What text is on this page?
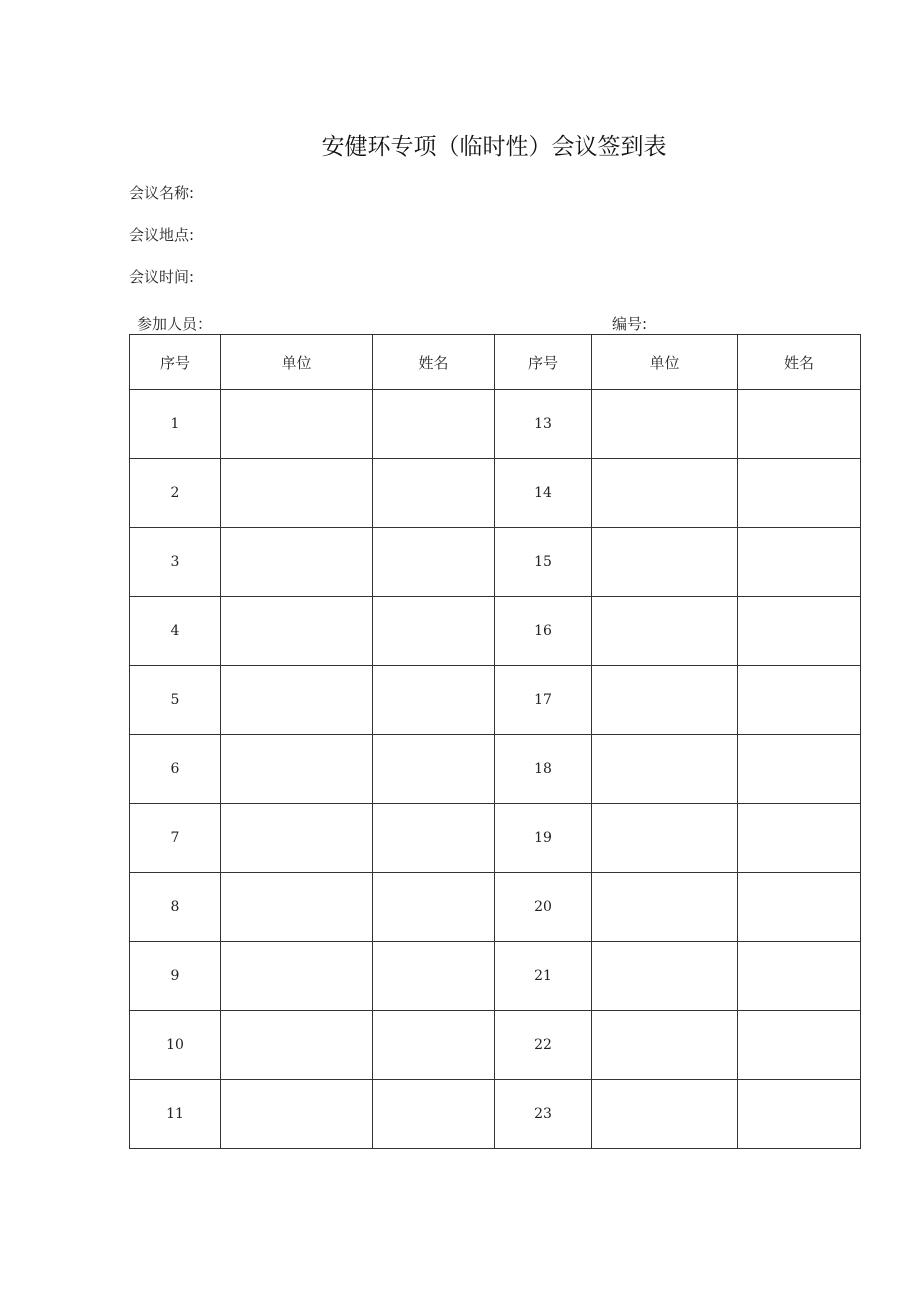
安健环专项（临时性）会议签到表
会议名称:
会议地点:
会议时间:
参加人员：	编号:
序号	单位	姓名	序号	单位	姓名
1			13		
2			14		
3			15		
4			16		
5			17		
6			18		
7			19		
8			20		
9			21		
10			22		
11			23		
